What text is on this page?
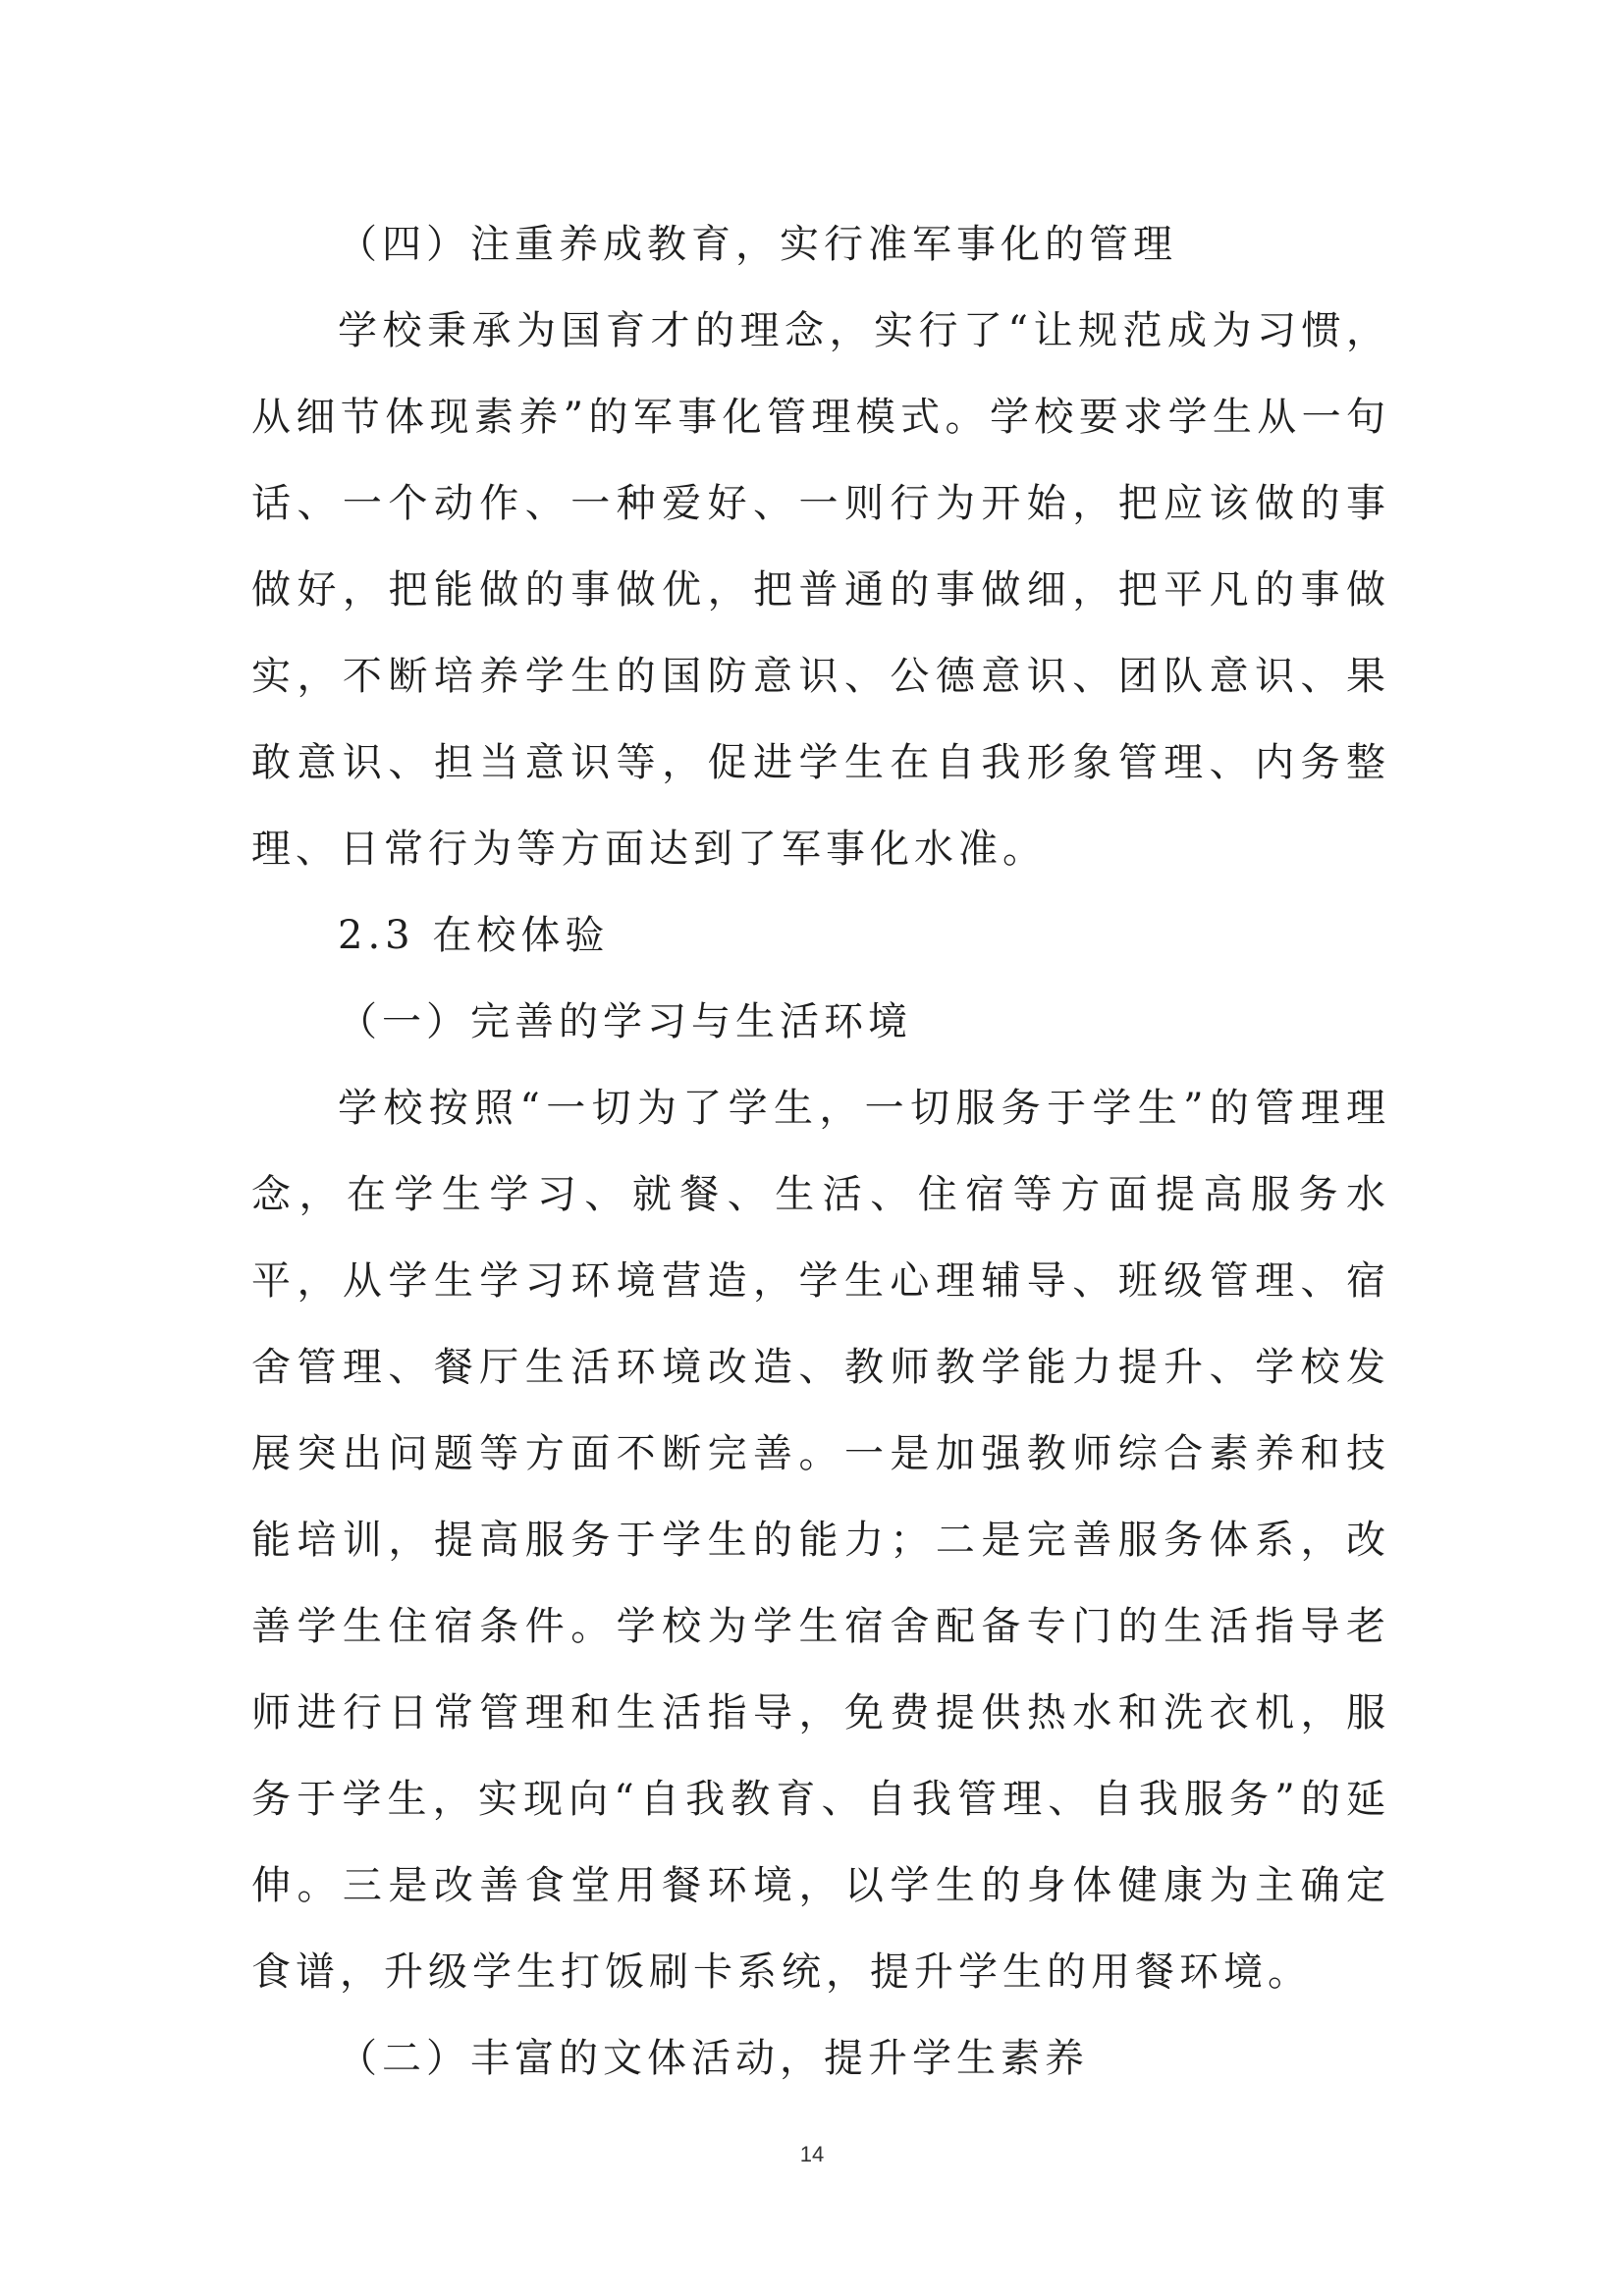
（四）注重养成教育，实行准军事化的管理

学校秉承为国育才的理念，实行了“让规范成为习惯，从细节体现素养”的军事化管理模式。学校要求学生从一句话、一个动作、一种爱好、一则行为开始，把应该做的事做好，把能做的事做优，把普通的事做细，把平凡的事做实，不断培养学生的国防意识、公德意识、团队意识、果敢意识、担当意识等，促进学生在自我形象管理、内务整理、日常行为等方面达到了军事化水准。

2.3 在校体验

（一）完善的学习与生活环境

学校按照“一切为了学生，一切服务于学生”的管理理念，在学生学习、就餐、生活、住宿等方面提高服务水平，从学生学习环境营造，学生心理辅导、班级管理、宿舍管理、餐厅生活环境改造、教师教学能力提升、学校发展突出问题等方面不断完善。一是加强教师综合素养和技能培训，提高服务于学生的能力；二是完善服务体系，改善学生住宿条件。学校为学生宿舍配备专门的生活指导老师进行日常管理和生活指导，免费提供热水和洗衣机，服务于学生，实现向“自我教育、自我管理、自我服务”的延伸。三是改善食堂用餐环境，以学生的身体健康为主确定食谱，升级学生打饭刷卡系统，提升学生的用餐环境。

（二）丰富的文体活动，提升学生素养

14
